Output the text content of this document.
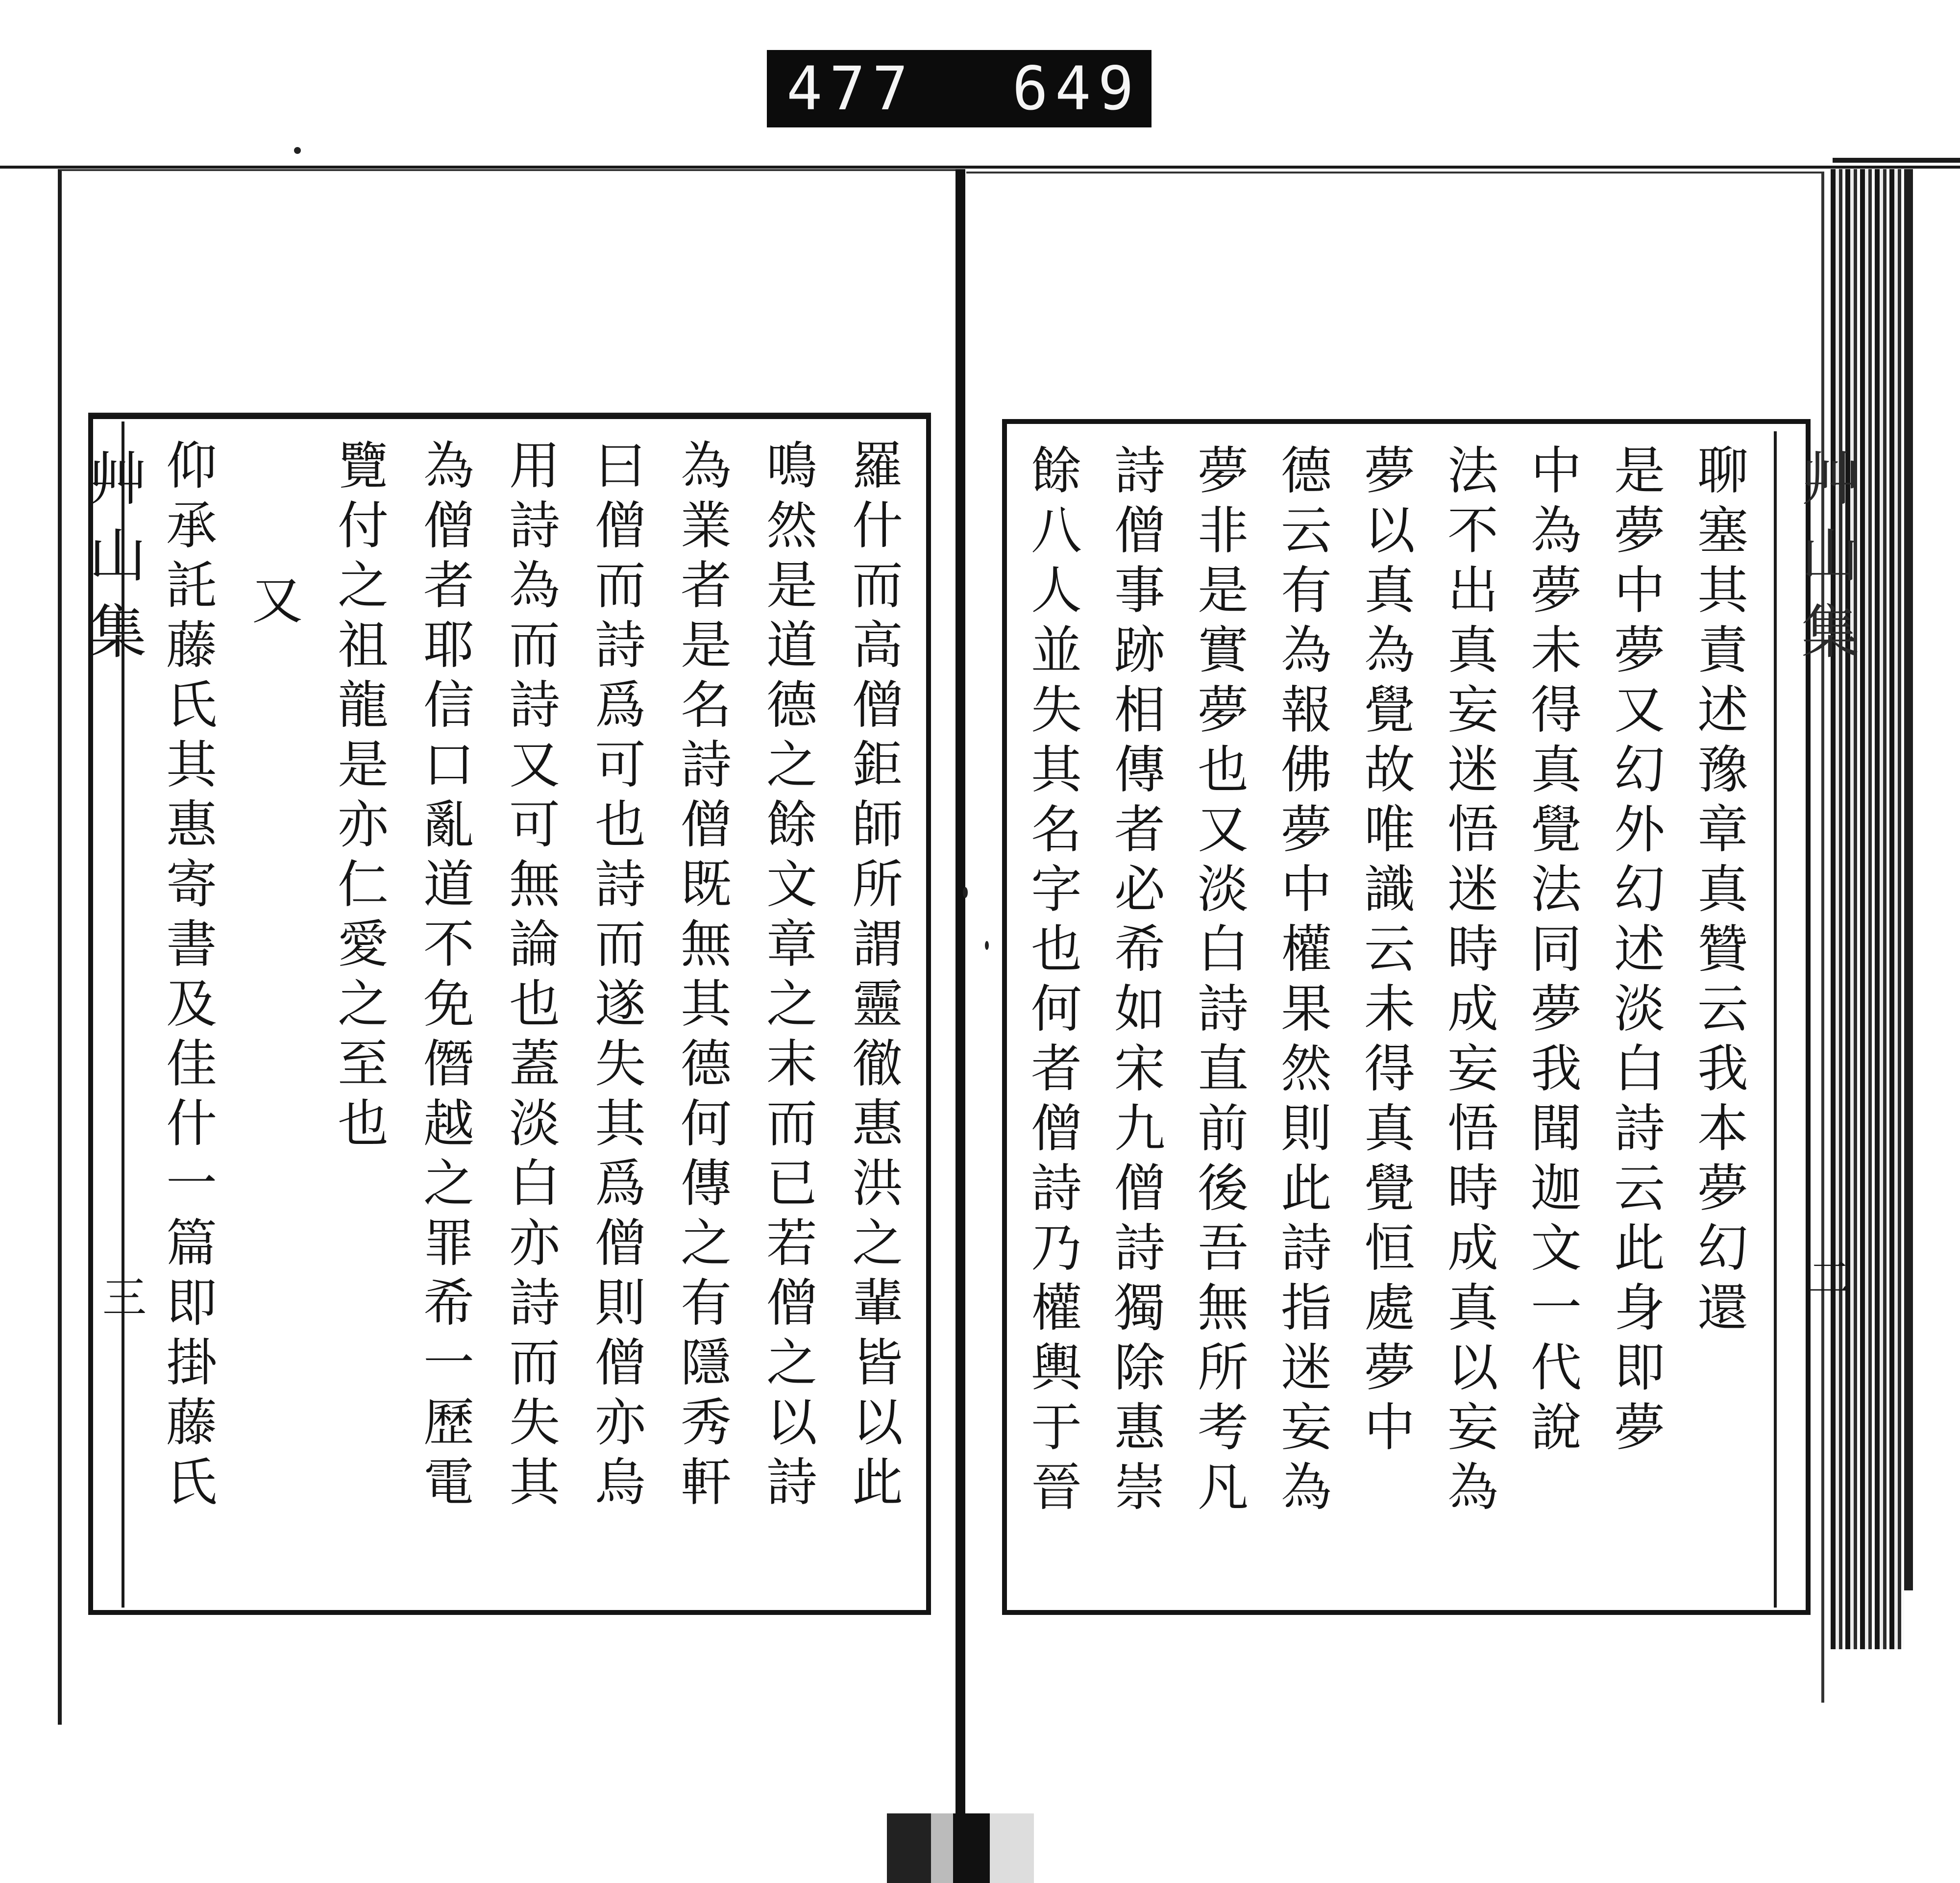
477 649
艸山集
三	羅什而高僧鉅師所謂靈徹惠洪之輩皆以此
鳴然是道德之餘文章之末而已若僧之以詩
為業者是名詩僧既無其德何傳之有隱秀軒
曰僧而詩爲可也詩而遂失其爲僧則僧亦烏
用詩為而詩又可無論也蓋淡白亦詩而失其
為僧者耶信口亂道不免僭越之罪希一歷電
覽付之祖龍是亦仁愛之至也
又
仰承託藤氏其惠寄書及佳什一篇即掛藤氏	艸山集
二
聊塞其責述豫章真贊云我本夢幻還
是夢中夢又幻外幻述淡白詩云此身即夢
中為夢未得真覺法同夢我聞迦文一代說
法不出真妄迷悟迷時成妄悟時成真以妄為
夢以真為覺故唯識云未得真覺恒處夢中
德云有為報佛夢中權果然則此詩指迷妄為
夢非是實夢也又淡白詩直前後吾無所考凡
詩僧事跡相傳者必希如宋九僧詩獨除惠崇
餘八人並失其名字也何者僧詩乃權輿于晉
